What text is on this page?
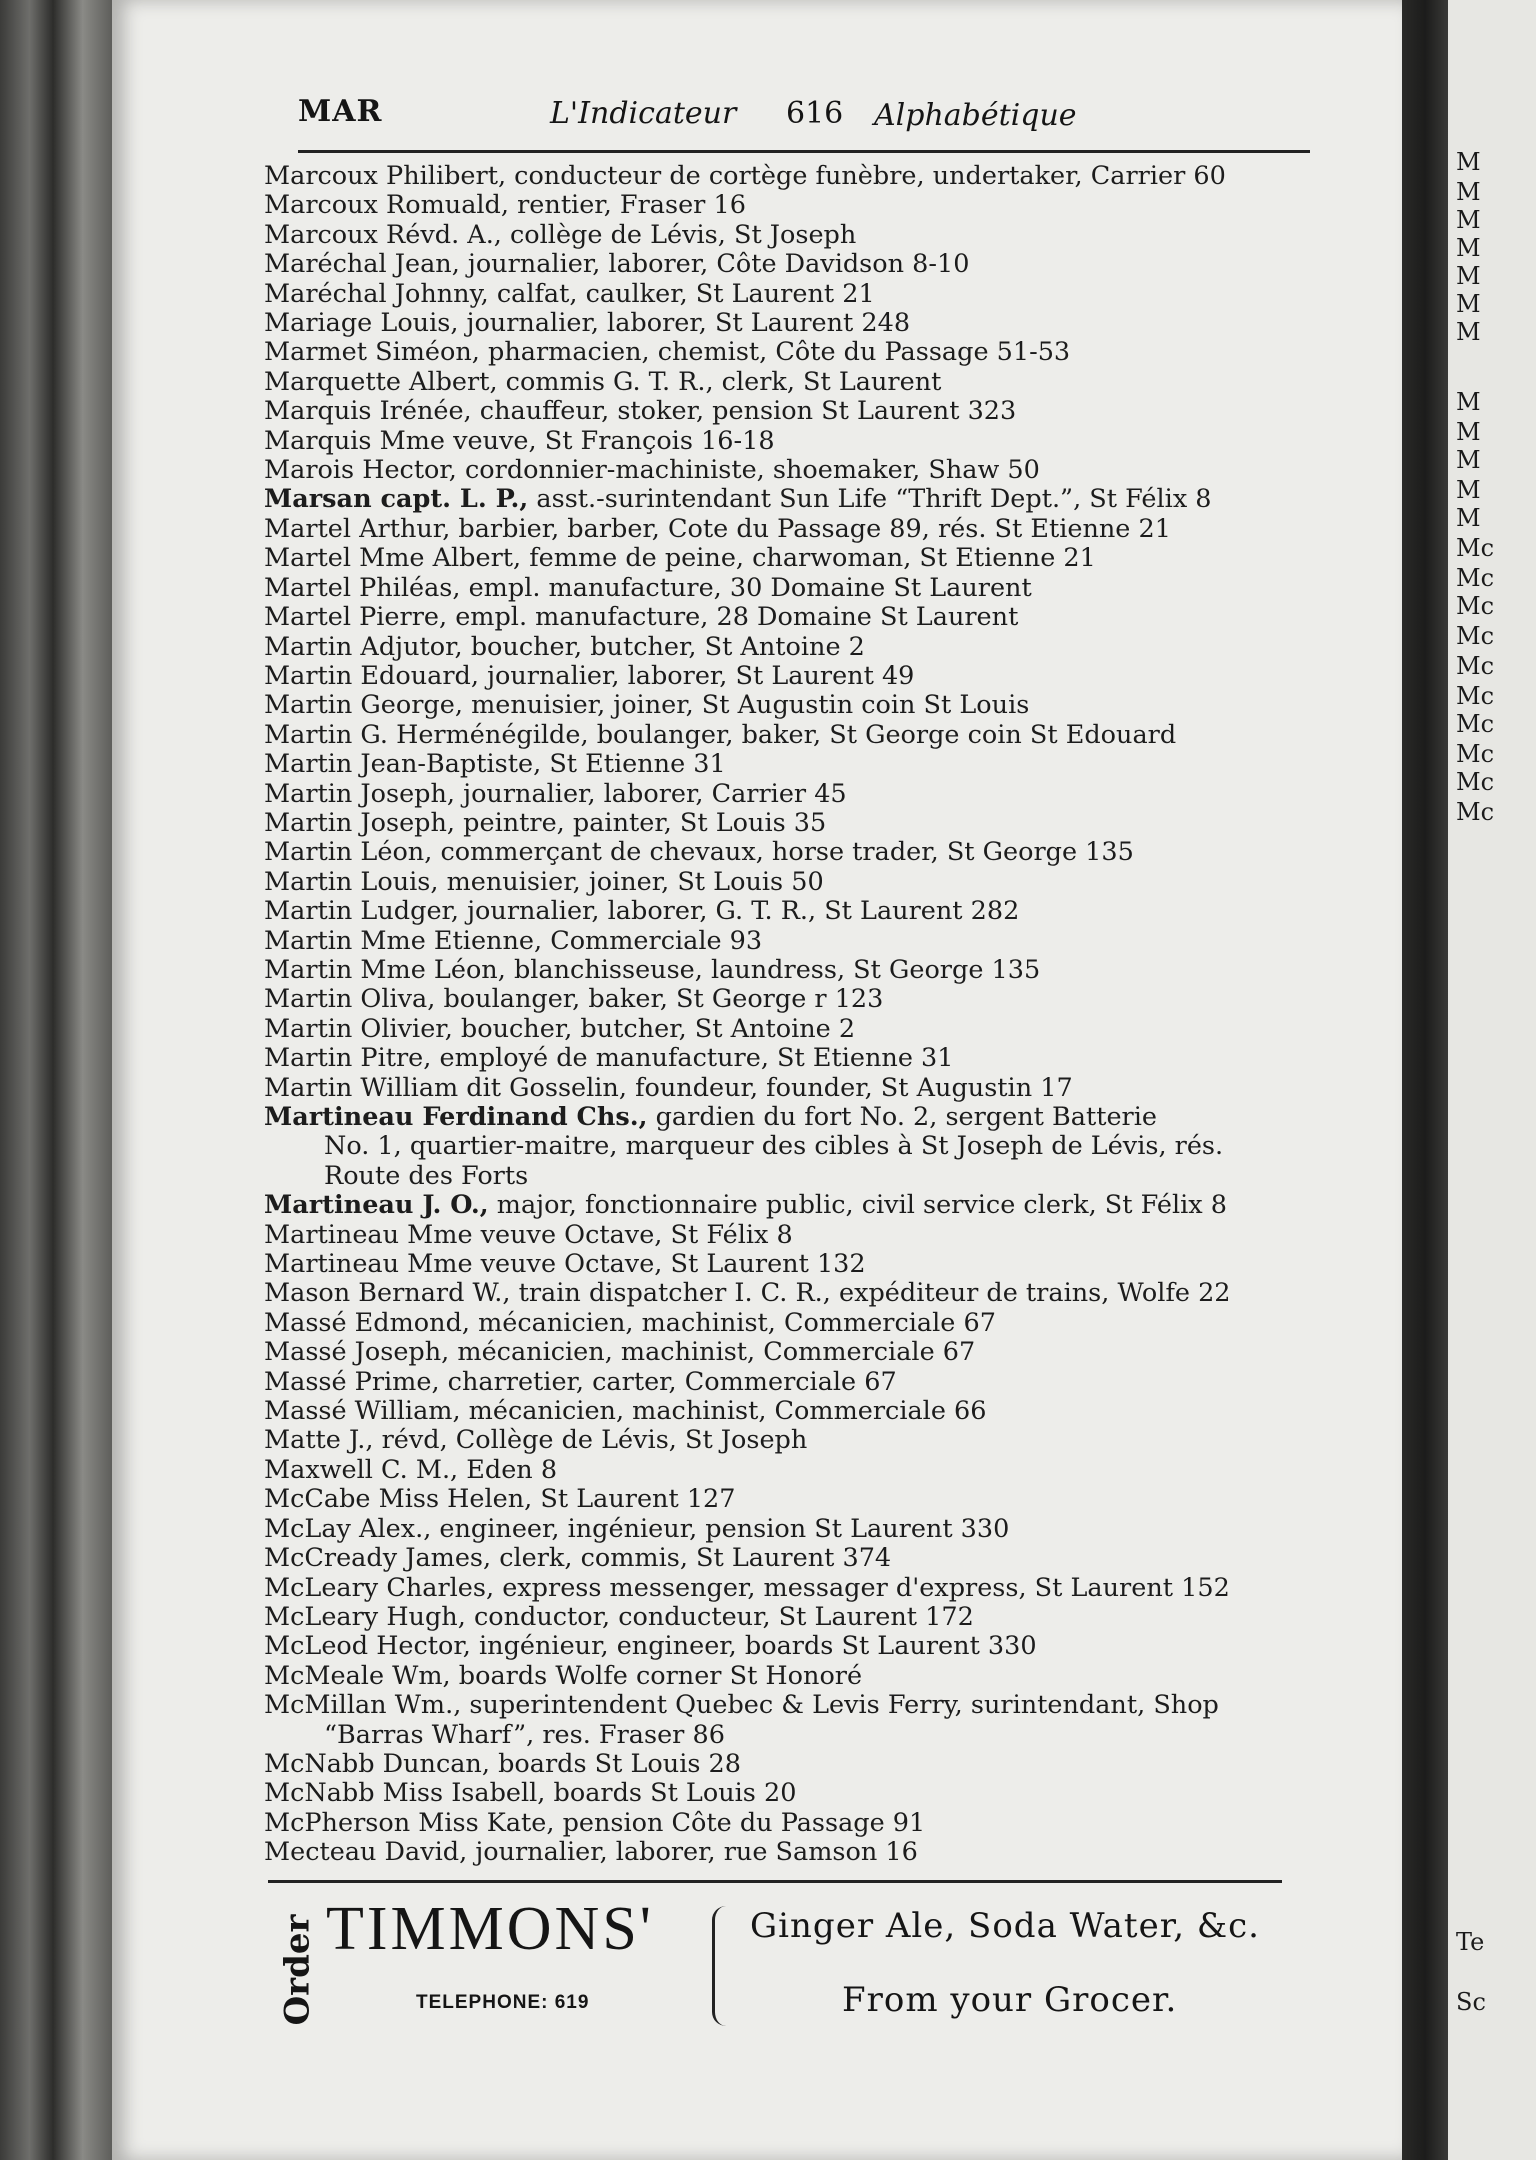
MAR	L'Indicateur 616 Alphabétique
Marcoux Philibert, conducteur de cortège funèbre, undertaker, Carrier 60
Marcoux Romuald, rentier, Fraser 16
Marcoux Révd. A., collège de Lévis, St Joseph
Maréchal Jean, journalier, laborer, Côte Davidson 8-10
Maréchal Johnny, calfat, caulker, St Laurent 21
Mariage Louis, journalier, laborer, St Laurent 248
Marmet Siméon, pharmacien, chemist, Côte du Passage 51-53
Marquette Albert, commis G. T. R., clerk, St Laurent
Marquis Irénée, chauffeur, stoker, pension St Laurent 323
Marquis Mme veuve, St François 16-18
Marois Hector, cordonnier-machiniste, shoemaker, Shaw 50
Marsan capt. L. P., asst.-surintendant Sun Life “Thrift Dept.”, St Félix 8
Martel Arthur, barbier, barber, Cote du Passage 89, rés. St Etienne 21
Martel Mme Albert, femme de peine, charwoman, St Etienne 21
Martel Philéas, empl. manufacture, 30 Domaine St Laurent
Martel Pierre, empl. manufacture, 28 Domaine St Laurent
Martin Adjutor, boucher, butcher, St Antoine 2
Martin Edouard, journalier, laborer, St Laurent 49
Martin George, menuisier, joiner, St Augustin coin St Louis
Martin G. Herménégilde, boulanger, baker, St George coin St Edouard
Martin Jean-Baptiste, St Etienne 31
Martin Joseph, journalier, laborer, Carrier 45
Martin Joseph, peintre, painter, St Louis 35
Martin Léon, commerçant de chevaux, horse trader, St George 135
Martin Louis, menuisier, joiner, St Louis 50
Martin Ludger, journalier, laborer, G. T. R., St Laurent 282
Martin Mme Etienne, Commerciale 93
Martin Mme Léon, blanchisseuse, laundress, St George 135
Martin Oliva, boulanger, baker, St George r 123
Martin Olivier, boucher, butcher, St Antoine 2
Martin Pitre, employé de manufacture, St Etienne 31
Martin William dit Gosselin, foundeur, founder, St Augustin 17
Martineau Ferdinand Chs., gardien du fort No. 2, sergent Batterie
No. 1, quartier-maitre, marqueur des cibles à St Joseph de Lévis, rés.
Route des Forts
Martineau J. O., major, fonctionnaire public, civil service clerk, St Félix 8
Martineau Mme veuve Octave, St Félix 8
Martineau Mme veuve Octave, St Laurent 132
Mason Bernard W., train dispatcher I. C. R., expéditeur de trains, Wolfe 22
Massé Edmond, mécanicien, machinist, Commerciale 67
Massé Joseph, mécanicien, machinist, Commerciale 67
Massé Prime, charretier, carter, Commerciale 67
Massé William, mécanicien, machinist, Commerciale 66
Matte J., révd, Collège de Lévis, St Joseph
Maxwell C. M., Eden 8
McCabe Miss Helen, St Laurent 127
McLay Alex., engineer, ingénieur, pension St Laurent 330
McCready James, clerk, commis, St Laurent 374
McLeary Charles, express messenger, messager d'express, St Laurent 152
McLeary Hugh, conductor, conducteur, St Laurent 172
McLeod Hector, ingénieur, engineer, boards St Laurent 330
McMeale Wm, boards Wolfe corner St Honoré
McMillan Wm., superintendent Quebec & Levis Ferry, surintendant, Shop
“Barras Wharf”, res. Fraser 86
McNabb Duncan, boards St Louis 28
McNabb Miss Isabell, boards St Louis 20
McPherson Miss Kate, pension Côte du Passage 91
Mecteau David, journalier, laborer, rue Samson 16
Order TIMMONS'
TELEPHONE: 619
Ginger Ale, Soda Water, &c.
From your Grocer.
M
M
M
M
M
M
M
M
M
M
M
M
Mc
Mc
Mc
Mc
Mc
Mc
Mc
Mc
Mc
Mc
Te
Sc
